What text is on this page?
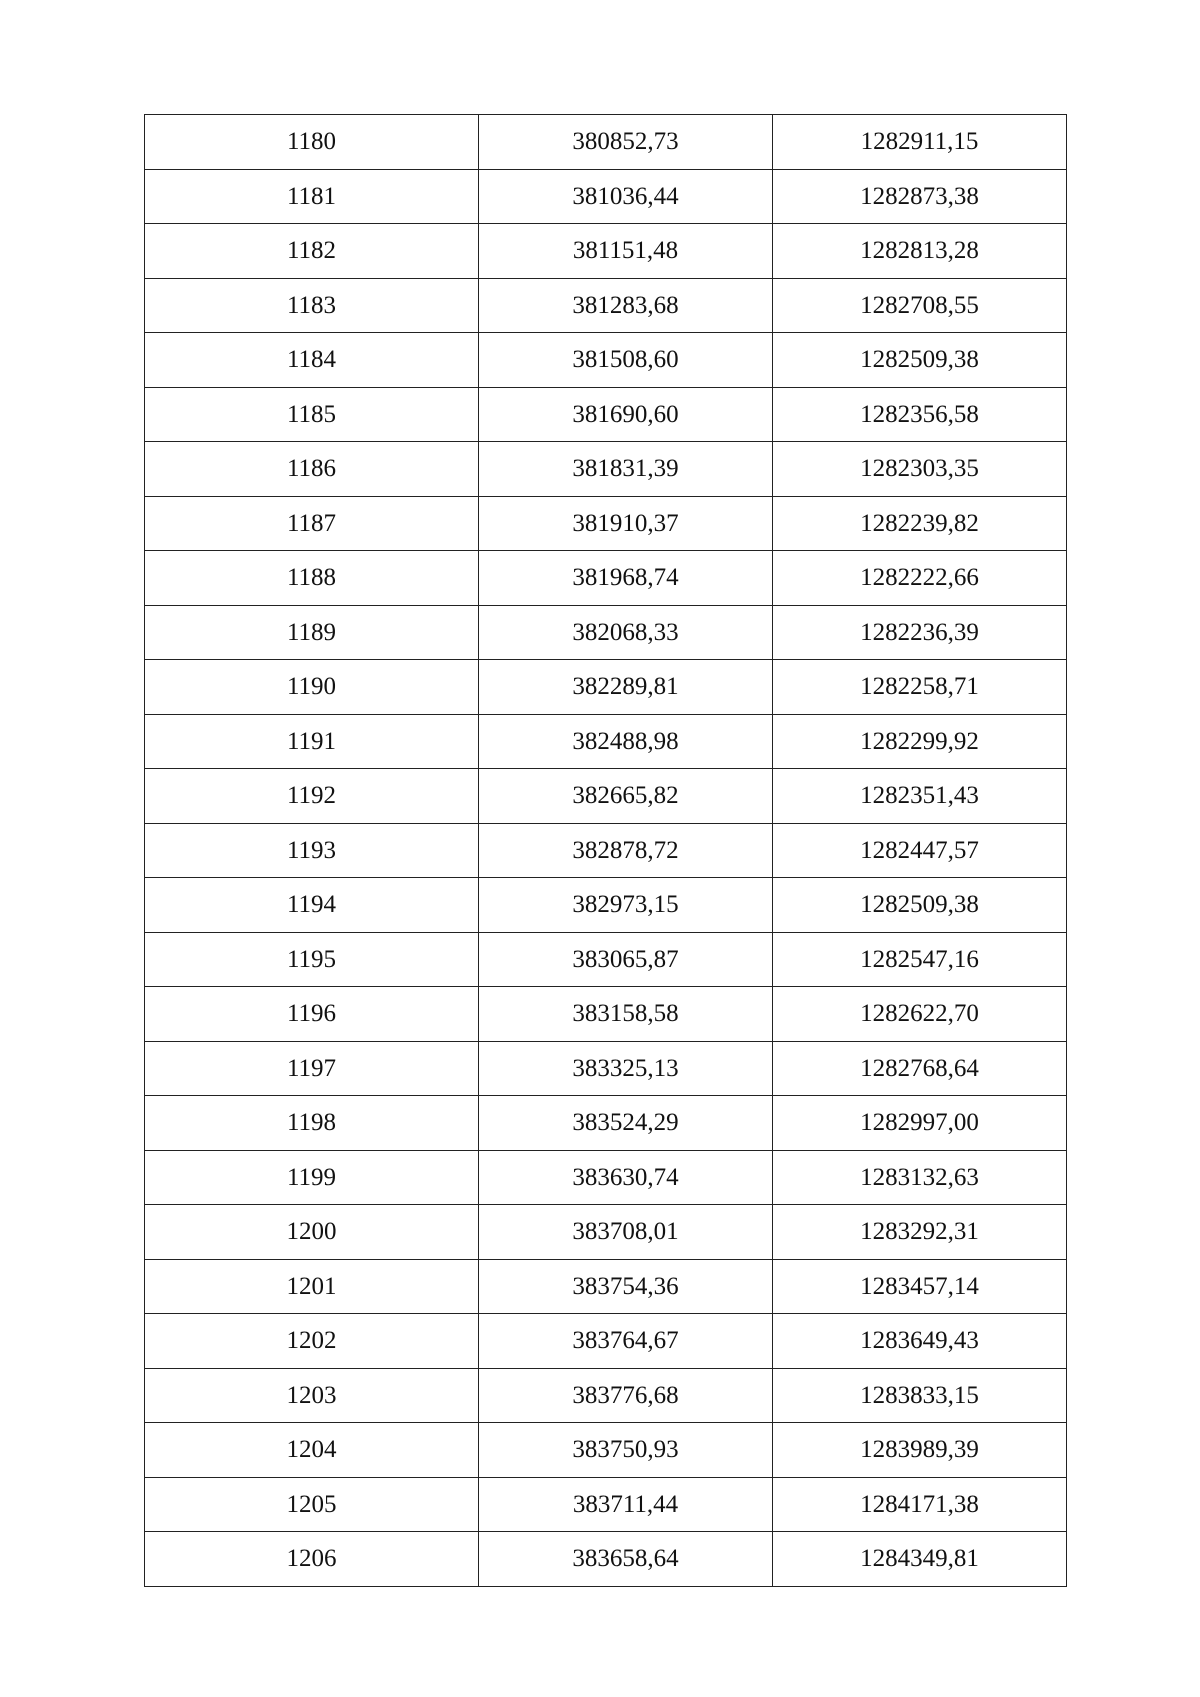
1180	380852,73	1282911,15
1181	381036,44	1282873,38
1182	381151,48	1282813,28
1183	381283,68	1282708,55
1184	381508,60	1282509,38
1185	381690,60	1282356,58
1186	381831,39	1282303,35
1187	381910,37	1282239,82
1188	381968,74	1282222,66
1189	382068,33	1282236,39
1190	382289,81	1282258,71
1191	382488,98	1282299,92
1192	382665,82	1282351,43
1193	382878,72	1282447,57
1194	382973,15	1282509,38
1195	383065,87	1282547,16
1196	383158,58	1282622,70
1197	383325,13	1282768,64
1198	383524,29	1282997,00
1199	383630,74	1283132,63
1200	383708,01	1283292,31
1201	383754,36	1283457,14
1202	383764,67	1283649,43
1203	383776,68	1283833,15
1204	383750,93	1283989,39
1205	383711,44	1284171,38
1206	383658,64	1284349,81
